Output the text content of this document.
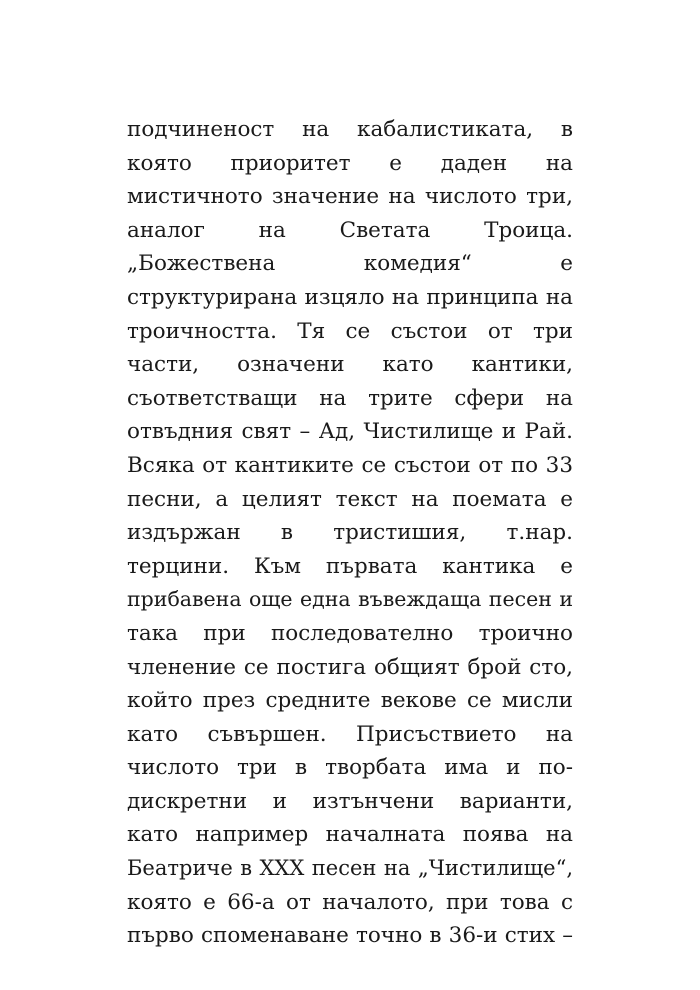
подчиненост на кабалистиката, в
която приоритет е даден на
мистичното значение на числото три,
аналог на Светата Троица.
„Божествена комедия“ е
структурирана изцяло на принципа на
троичността. Тя се състои от три
части, означени като кантики,
съответстващи на трите сфери на
отвъдния свят – Ад, Чистилище и Рай.
Всяка от кантиките се състои от по 33
песни, а целият текст на поемата е
издържан в тристишия, т.нар.
терцини. Към първата кантика е
прибавена още една въвеждаща песен и
така при последователно троично
членение се постига общият брой сто,
който през средните векове се мисли
като съвършен. Присъствието на
числото три в творбата има и по-
дискретни и изтънчени варианти,
като например началната поява на
Беатриче в XXX песен на „Чистилище“,
която е 66-а от началото, при това с
първо споменаване точно в 36-и стих –
